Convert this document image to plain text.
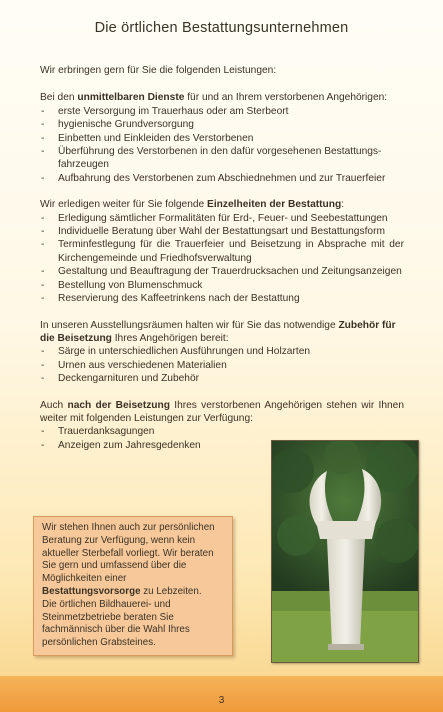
Die örtlichen Bestattungsunternehmen

Wir erbringen gern für Sie die folgenden Leistungen:

Bei den unmittelbaren Dienste für und an Ihrem verstorbenen Angehörigen:

- erste Versorgung im Trauerhaus oder am Sterbeort
- hygienische Grundversorgung
- Einbetten und Einkleiden des Verstorbenen
- Überführung des Verstorbenen in den dafür vorgesehenen Bestattungs-fahrzeugen
- Aufbahrung des Verstorbenen zum Abschiednehmen und zur Trauerfeier

Wir erledigen weiter für Sie folgende Einzelheiten der Bestattung:

- Erledigung sämtlicher Formalitäten für Erd-, Feuer- und Seebestattungen
- Individuelle Beratung über Wahl der Bestattungsart und Bestattungsform
- Terminfestlegung für die Trauerfeier und Beisetzung in Absprache mit der Kirchengemeinde und Friedhofsverwaltung
- Gestaltung und Beauftragung der Trauerdrucksachen und Zeitungsanzeigen
- Bestellung von Blumenschmuck
- Reservierung des Kaffeetrinkens nach der Bestattung

In unseren Ausstellungsräumen halten wir für Sie das notwendige Zubehör für die Beisetzung Ihres Angehörigen bereit:

- Särge in unterschiedlichen Ausführungen und Holzarten
- Urnen aus verschiedenen Materialien
- Deckengarnituren und Zubehör

Auch nach der Beisetzung Ihres verstorbenen Angehörigen stehen wir Ihnen weiter mit folgenden Leistungen zur Verfügung:

- Trauerdanksagungen
- Anzeigen zum Jahresgedenken

Wir stehen Ihnen auch zur persönlichen Beratung zur Verfügung, wenn kein aktueller Sterbefall vorliegt. Wir beraten Sie gern und umfassend über die Möglichkeiten einer Bestattungsvorsorge zu Lebzeiten.

Die örtlichen Bildhauerei- und Steinmetzbetriebe beraten Sie fachmännisch über die Wahl Ihres persönlichen Grabsteines.

3
